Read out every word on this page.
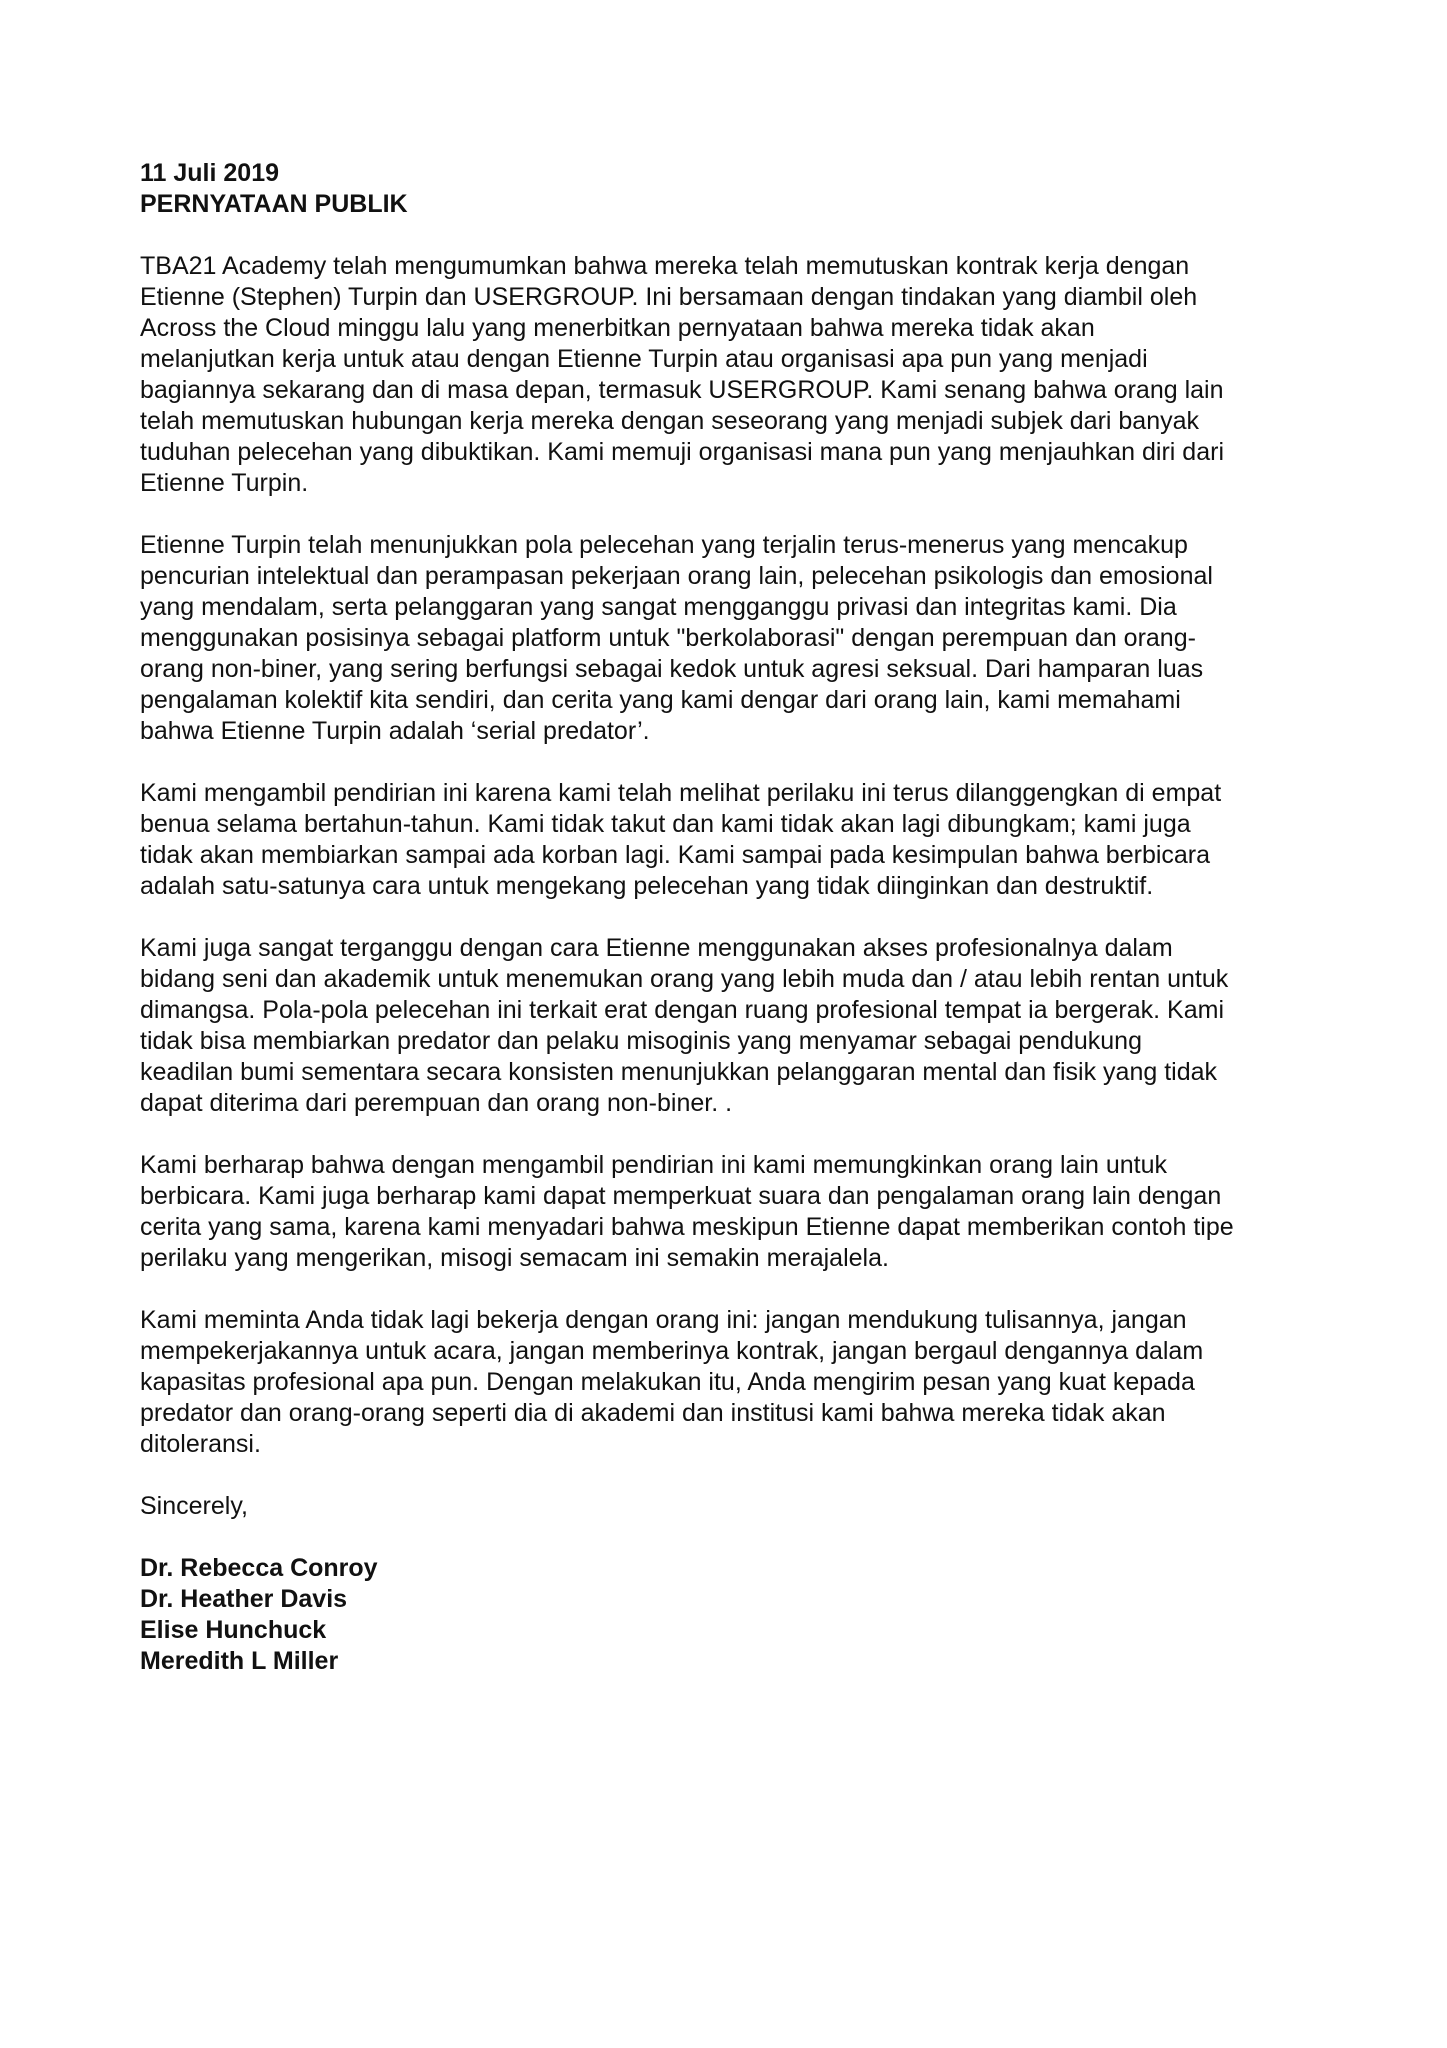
11 Juli 2019
PERNYATAAN PUBLIK
TBA21 Academy telah mengumumkan bahwa mereka telah memutuskan kontrak kerja dengan
Etienne (Stephen) Turpin dan USERGROUP. Ini bersamaan dengan tindakan yang diambil oleh
Across the Cloud minggu lalu yang menerbitkan pernyataan bahwa mereka tidak akan
melanjutkan kerja untuk atau dengan Etienne Turpin atau organisasi apa pun yang menjadi
bagiannya sekarang dan di masa depan, termasuk USERGROUP. Kami senang bahwa orang lain
telah memutuskan hubungan kerja mereka dengan seseorang yang menjadi subjek dari banyak
tuduhan pelecehan yang dibuktikan. Kami memuji organisasi mana pun yang menjauhkan diri dari
Etienne Turpin.
Etienne Turpin telah menunjukkan pola pelecehan yang terjalin terus-menerus yang mencakup
pencurian intelektual dan perampasan pekerjaan orang lain, pelecehan psikologis dan emosional
yang mendalam, serta pelanggaran yang sangat mengganggu privasi dan integritas kami. Dia
menggunakan posisinya sebagai platform untuk "berkolaborasi" dengan perempuan dan orang-
orang non-biner, yang sering berfungsi sebagai kedok untuk agresi seksual. Dari hamparan luas
pengalaman kolektif kita sendiri, dan cerita yang kami dengar dari orang lain, kami memahami
bahwa Etienne Turpin adalah ‘serial predator’.
Kami mengambil pendirian ini karena kami telah melihat perilaku ini terus dilanggengkan di empat
benua selama bertahun-tahun. Kami tidak takut dan kami tidak akan lagi dibungkam; kami juga
tidak akan membiarkan sampai ada korban lagi. Kami sampai pada kesimpulan bahwa berbicara
adalah satu-satunya cara untuk mengekang pelecehan yang tidak diinginkan dan destruktif.
Kami juga sangat terganggu dengan cara Etienne menggunakan akses profesionalnya dalam
bidang seni dan akademik untuk menemukan orang yang lebih muda dan / atau lebih rentan untuk
dimangsa. Pola-pola pelecehan ini terkait erat dengan ruang profesional tempat ia bergerak. Kami
tidak bisa membiarkan predator dan pelaku misoginis yang menyamar sebagai pendukung
keadilan bumi sementara secara konsisten menunjukkan pelanggaran mental dan fisik yang tidak
dapat diterima dari perempuan dan orang non-biner. .
Kami berharap bahwa dengan mengambil pendirian ini kami memungkinkan orang lain untuk
berbicara. Kami juga berharap kami dapat memperkuat suara dan pengalaman orang lain dengan
cerita yang sama, karena kami menyadari bahwa meskipun Etienne dapat memberikan contoh tipe
perilaku yang mengerikan, misogi semacam ini semakin merajalela.
Kami meminta Anda tidak lagi bekerja dengan orang ini: jangan mendukung tulisannya, jangan
mempekerjakannya untuk acara, jangan memberinya kontrak, jangan bergaul dengannya dalam
kapasitas profesional apa pun. Dengan melakukan itu, Anda mengirim pesan yang kuat kepada
predator dan orang-orang seperti dia di akademi dan institusi kami bahwa mereka tidak akan
ditoleransi.
Sincerely,
Dr. Rebecca Conroy
Dr. Heather Davis
Elise Hunchuck
Meredith L Miller
